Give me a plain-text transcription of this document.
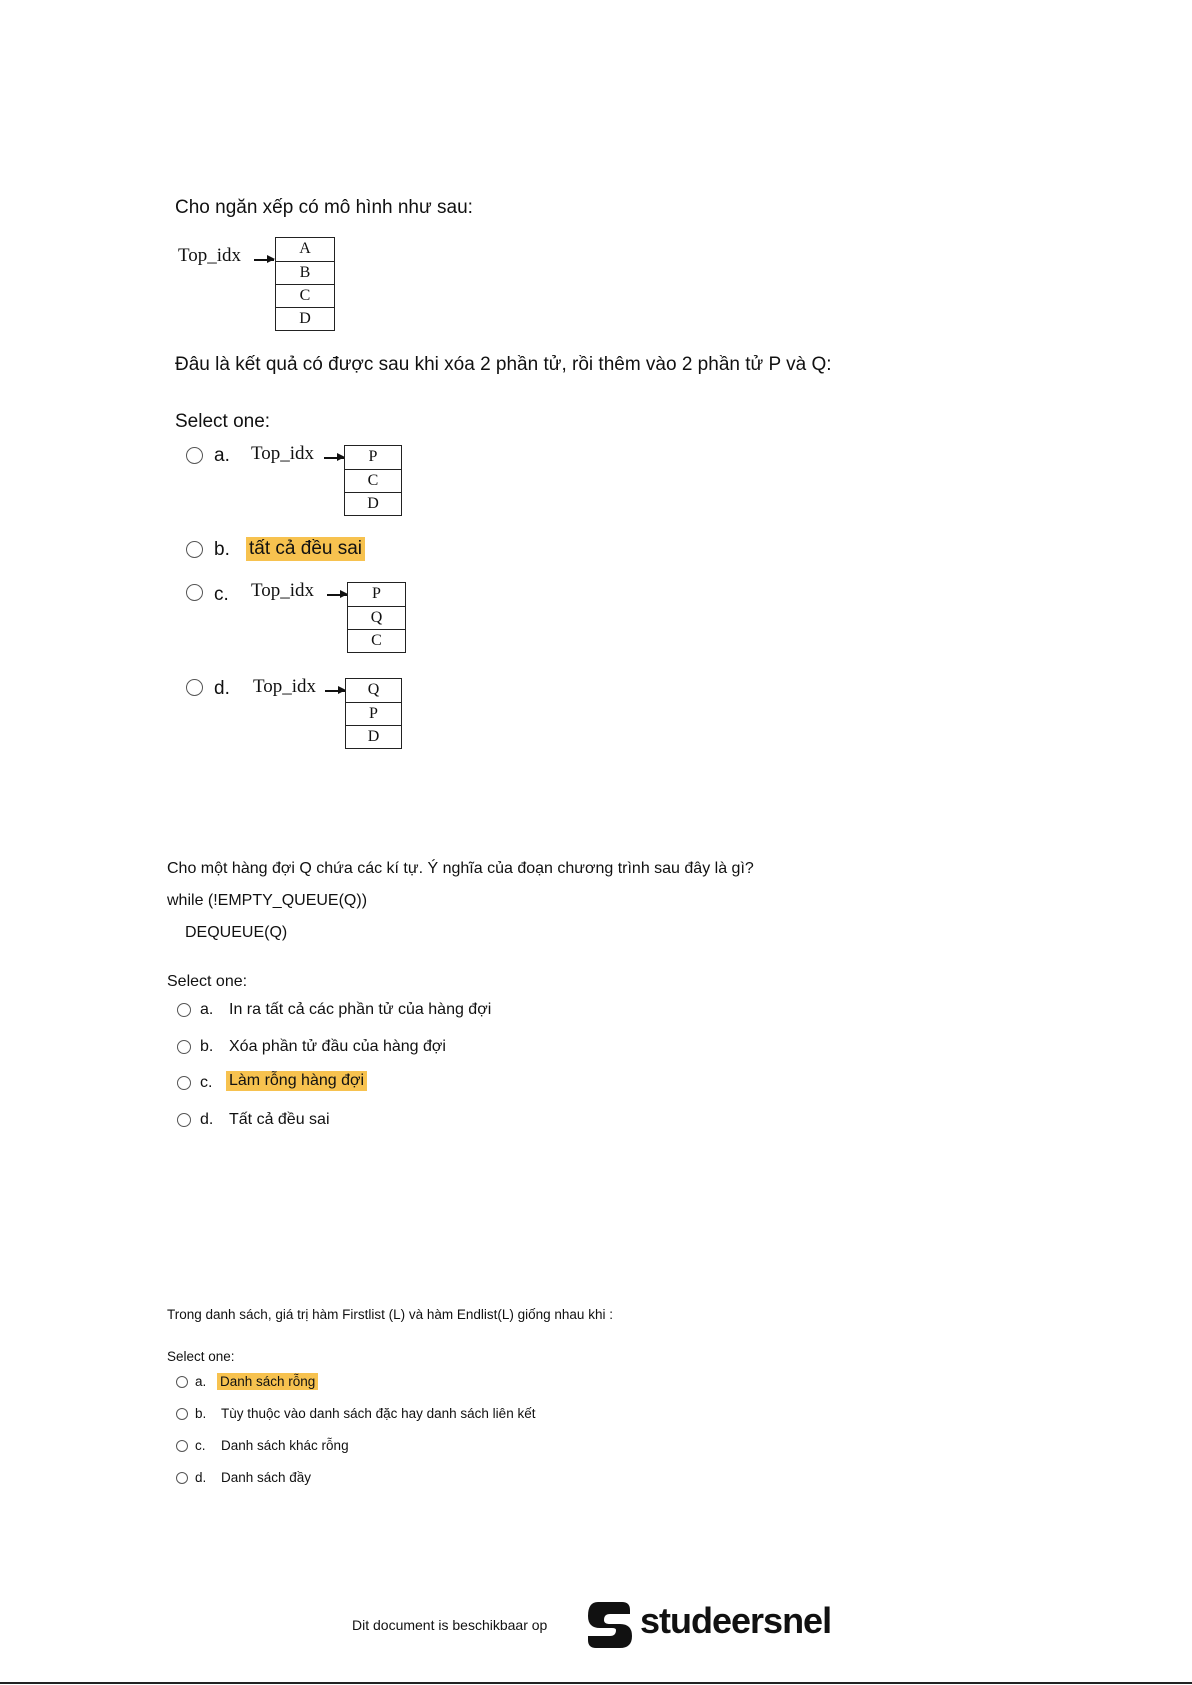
Cho ngăn xếp có mô hình như sau:
Top_idx	A
B
C
D
Đâu là kết quả có được sau khi xóa 2 phần tử, rồi thêm vào 2 phần tử P và Q:
Select one:
a. Top_idx	P
C
D
b. tất cả đều sai
c. Top_idx	P
Q
C
d. Top_idx	Q
P
D
Cho một hàng đợi Q chứa các kí tự. Ý nghĩa của đoạn chương trình sau đây là gì?
while (!EMPTY_QUEUE(Q))
DEQUEUE(Q)
Select one:
a. In ra tất cả các phần tử của hàng đợi
b. Xóa phần tử đầu của hàng đợi
c. Làm rỗng hàng đợi
d. Tất cả đều sai
Trong danh sách, giá trị hàm Firstlist (L) và hàm Endlist(L) giống nhau khi :
Select one:
a. Danh sách rỗng
b. Tùy thuộc vào danh sách đặc hay danh sách liên kết
c. Danh sách khác rỗng
d. Danh sách đầy
Dit document is beschikbaar op	studeersnel
